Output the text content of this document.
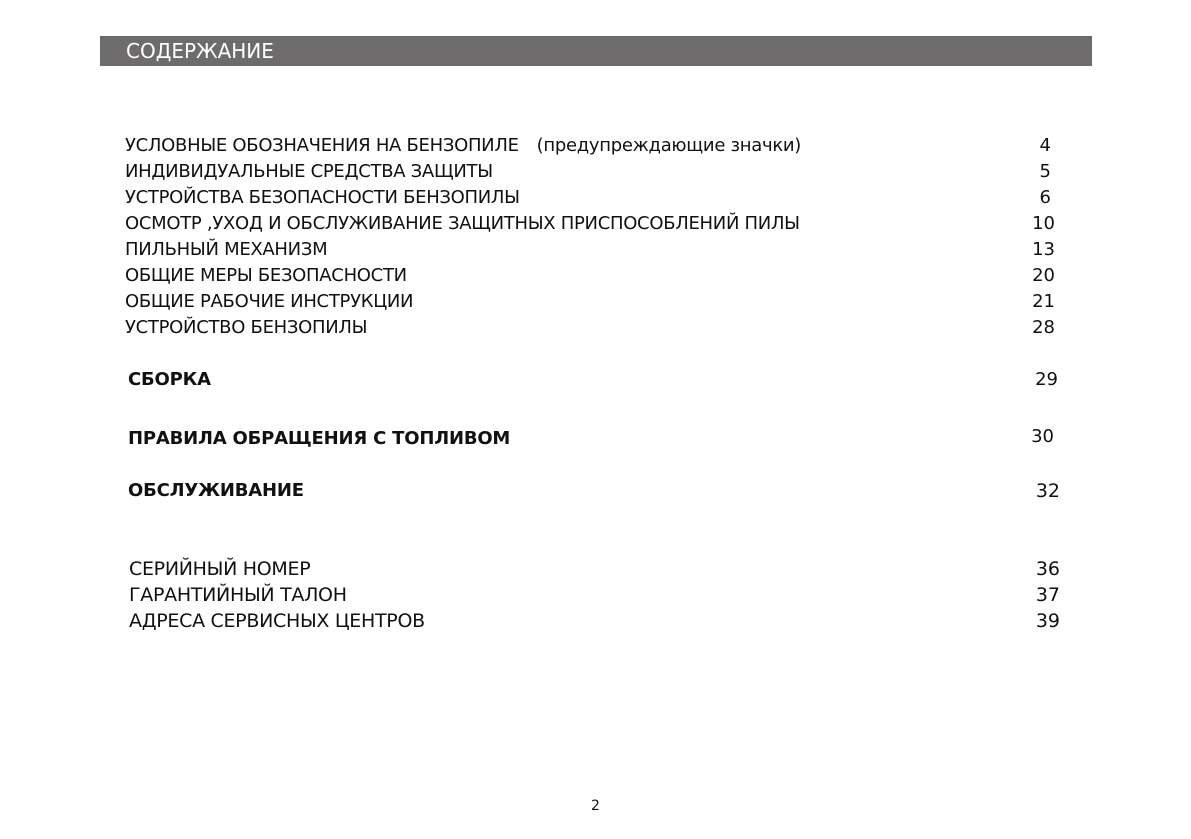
СОДЕРЖАНИЕ
УСЛОВНЫЕ ОБОЗНАЧЕНИЯ НА БЕНЗОПИЛЕ (предупреждающие значки)	4
ИНДИВИДУАЛЬНЫЕ СРЕДСТВА ЗАЩИТЫ	5
УСТРОЙСТВА БЕЗОПАСНОСТИ БЕНЗОПИЛЫ	6
ОСМОТР ,УХОД И ОБСЛУЖИВАНИЕ ЗАЩИТНЫХ ПРИСПОСОБЛЕНИЙ ПИЛЫ	10
ПИЛЬНЫЙ МЕХАНИЗМ	13
ОБЩИЕ МЕРЫ БЕЗОПАСНОСТИ	20
ОБЩИЕ РАБОЧИЕ ИНСТРУКЦИИ	21
УСТРОЙСТВО БЕНЗОПИЛЫ	28
СБОРКА	29
ПРАВИЛА ОБРАЩЕНИЯ С ТОПЛИВОМ	30
ОБСЛУЖИВАНИЕ	32
СЕРИЙНЫЙ НОМЕР	36
ГАРАНТИЙНЫЙ ТАЛОН	37
АДРЕСА СЕРВИСНЫХ ЦЕНТРОВ	39
2
